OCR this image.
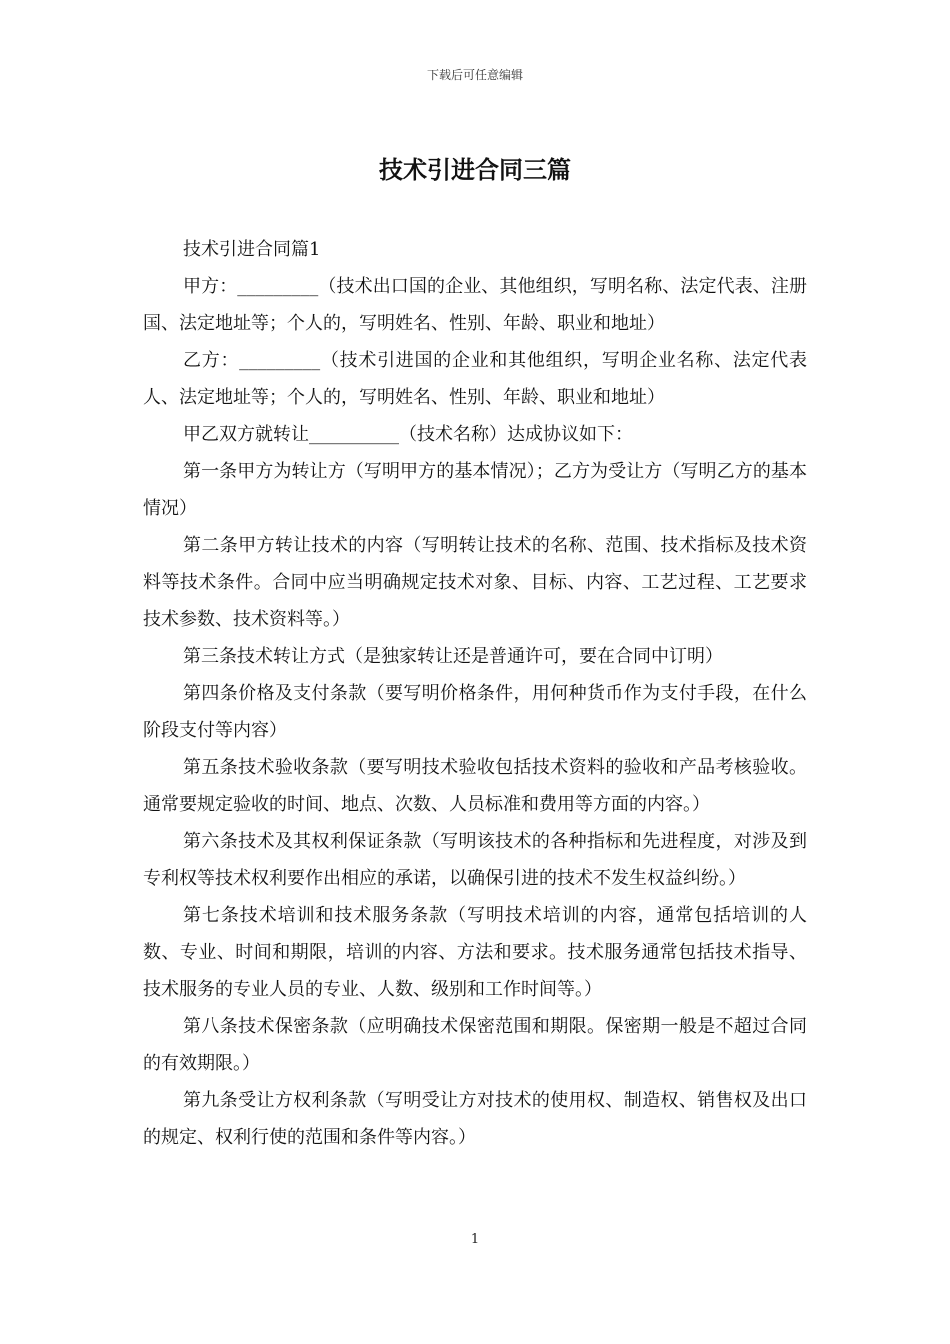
下载后可任意编辑
技术引进合同三篇

技术引进合同篇1

甲方：_________（技术出口国的企业、其他组织，写明名称、法定代表、注册国、法定地址等；个人的，写明姓名、性别、年龄、职业和地址）

乙方：_________（技术引进国的企业和其他组织，写明企业名称、法定代表人、法定地址等；个人的，写明姓名、性别、年龄、职业和地址）

甲乙双方就转让__________（技术名称）达成协议如下：

第一条甲方为转让方（写明甲方的基本情况）；乙方为受让方（写明乙方的基本情况）

第二条甲方转让技术的内容（写明转让技术的名称、范围、技术指标及技术资料等技术条件。合同中应当明确规定技术对象、目标、内容、工艺过程、工艺要求技术参数、技术资料等。）

第三条技术转让方式（是独家转让还是普通许可，要在合同中订明）

第四条价格及支付条款（要写明价格条件，用何种货币作为支付手段，在什么阶段支付等内容）

第五条技术验收条款（要写明技术验收包括技术资料的验收和产品考核验收。通常要规定验收的时间、地点、次数、人员标准和费用等方面的内容。）

第六条技术及其权利保证条款（写明该技术的各种指标和先进程度，对涉及到专利权等技术权利要作出相应的承诺，以确保引进的技术不发生权益纠纷。）

第七条技术培训和技术服务条款（写明技术培训的内容，通常包括培训的人数、专业、时间和期限，培训的内容、方法和要求。技术服务通常包括技术指导、技术服务的专业人员的专业、人数、级别和工作时间等。）

第八条技术保密条款（应明确技术保密范围和期限。保密期一般是不超过合同的有效期限。）

第九条受让方权利条款（写明受让方对技术的使用权、制造权、销售权及出口的规定、权利行使的范围和条件等内容。）

1
